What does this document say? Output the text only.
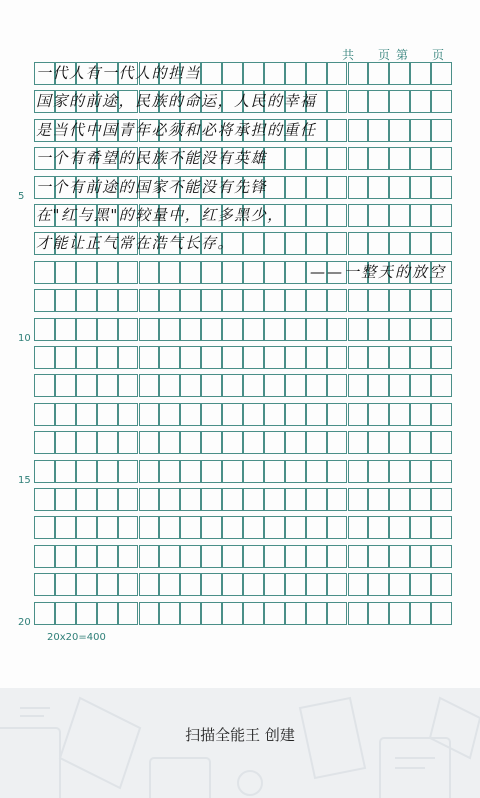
共　页第　页
一代人有一代人的担当
国家的前途，民族的命运，人民的幸福
是当代中国青年必须和必将承担的重任
一个有希望的民族不能没有英雄
一个有前途的国家不能没有先锋
在"红与黑"的较量中，红多黑少，
才能让正气常在浩气长存。
——一整天的放空
5
10
15
20
20x20=400
扫描全能王 创建
